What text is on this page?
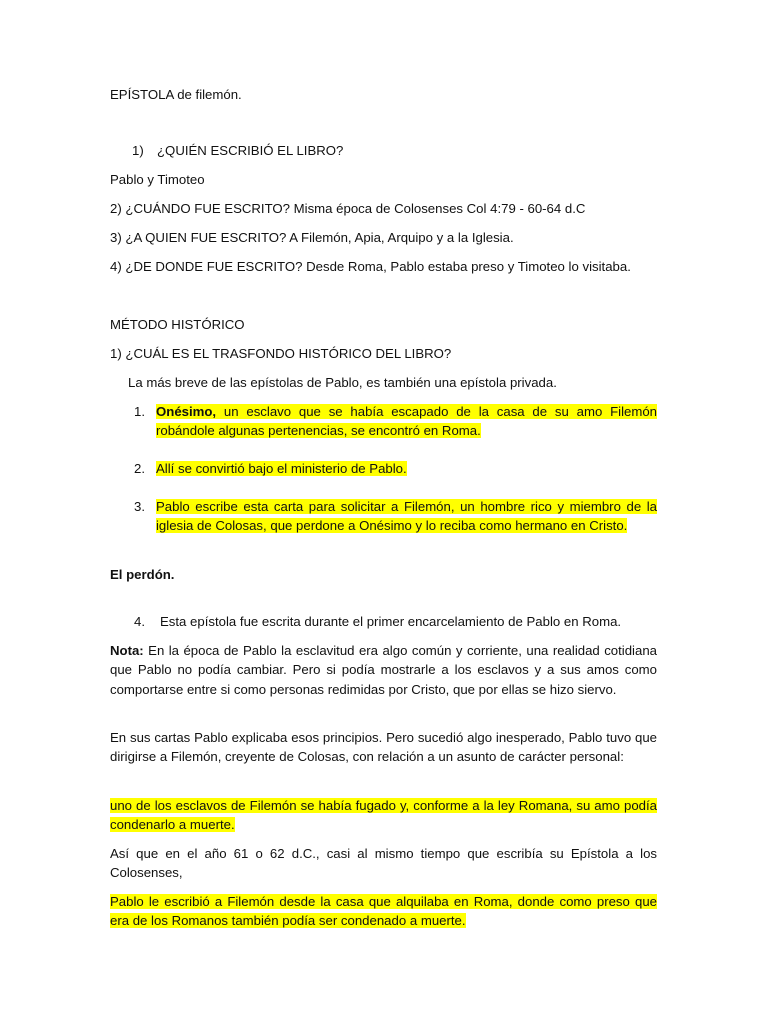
EPÍSTOLA de filemón.
1) ¿QUIÉN ESCRIBIÓ EL LIBRO?
Pablo y Timoteo
2) ¿CUÁNDO FUE ESCRITO? Misma época de Colosenses Col 4:79 - 60-64 d.C
3) ¿A QUIEN FUE ESCRITO? A Filemón, Apia, Arquipo y a la Iglesia.
4) ¿DE DONDE FUE ESCRITO? Desde Roma, Pablo estaba preso y Timoteo lo visitaba.
MÉTODO HISTÓRICO
1) ¿CUÁL ES EL TRASFONDO HISTÓRICO DEL LIBRO?
La más breve de las epístolas de Pablo, es también una epístola privada.
1. Onésimo, un esclavo que se había escapado de la casa de su amo Filemón robándole algunas pertenencias, se encontró en Roma.
2. Allí se convirtió bajo el ministerio de Pablo.
3. Pablo escribe esta carta para solicitar a Filemón, un hombre rico y miembro de la iglesia de Colosas, que perdone a Onésimo y lo reciba como hermano en Cristo.
El perdón.
4. Esta epístola fue escrita durante el primer encarcelamiento de Pablo en Roma.
Nota: En la época de Pablo la esclavitud era algo común y corriente, una realidad cotidiana que Pablo no podía cambiar. Pero si podía mostrarle a los esclavos y a sus amos como comportarse entre si como personas redimidas por Cristo, que por ellas se hizo siervo.
En sus cartas Pablo explicaba esos principios. Pero sucedió algo inesperado, Pablo tuvo que dirigirse a Filemón, creyente de Colosas, con relación a un asunto de carácter personal:
uno de los esclavos de Filemón se había fugado y, conforme a la ley Romana, su amo podía condenarlo a muerte.
Así que en el año 61 o 62 d.C., casi al mismo tiempo que escribía su Epístola a los Colosenses,
Pablo le escribió a Filemón desde la casa que alquilaba en Roma, donde como preso que era de los Romanos también podía ser condenado a muerte.
